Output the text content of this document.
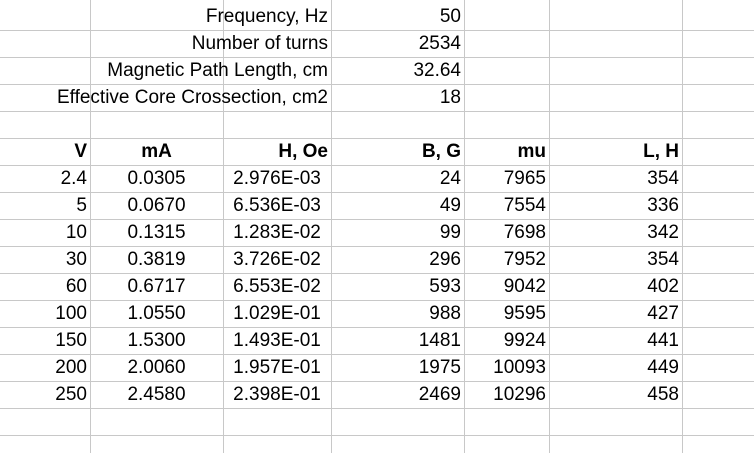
Frequency, Hz	50
Number of turns	2534
Magnetic Path Length, cm	32.64
Effective Core Crossection, cm2	18
V	mA	H, Oe	B, G	mu	L, H
2.4	0.0305	2.976E-03	24	7965	354
5	0.0670	6.536E-03	49	7554	336
10	0.1315	1.283E-02	99	7698	342
30	0.3819	3.726E-02	296	7952	354
60	0.6717	6.553E-02	593	9042	402
100	1.0550	1.029E-01	988	9595	427
150	1.5300	1.493E-01	1481	9924	441
200	2.0060	1.957E-01	1975	10093	449
250	2.4580	2.398E-01	2469	10296	458
